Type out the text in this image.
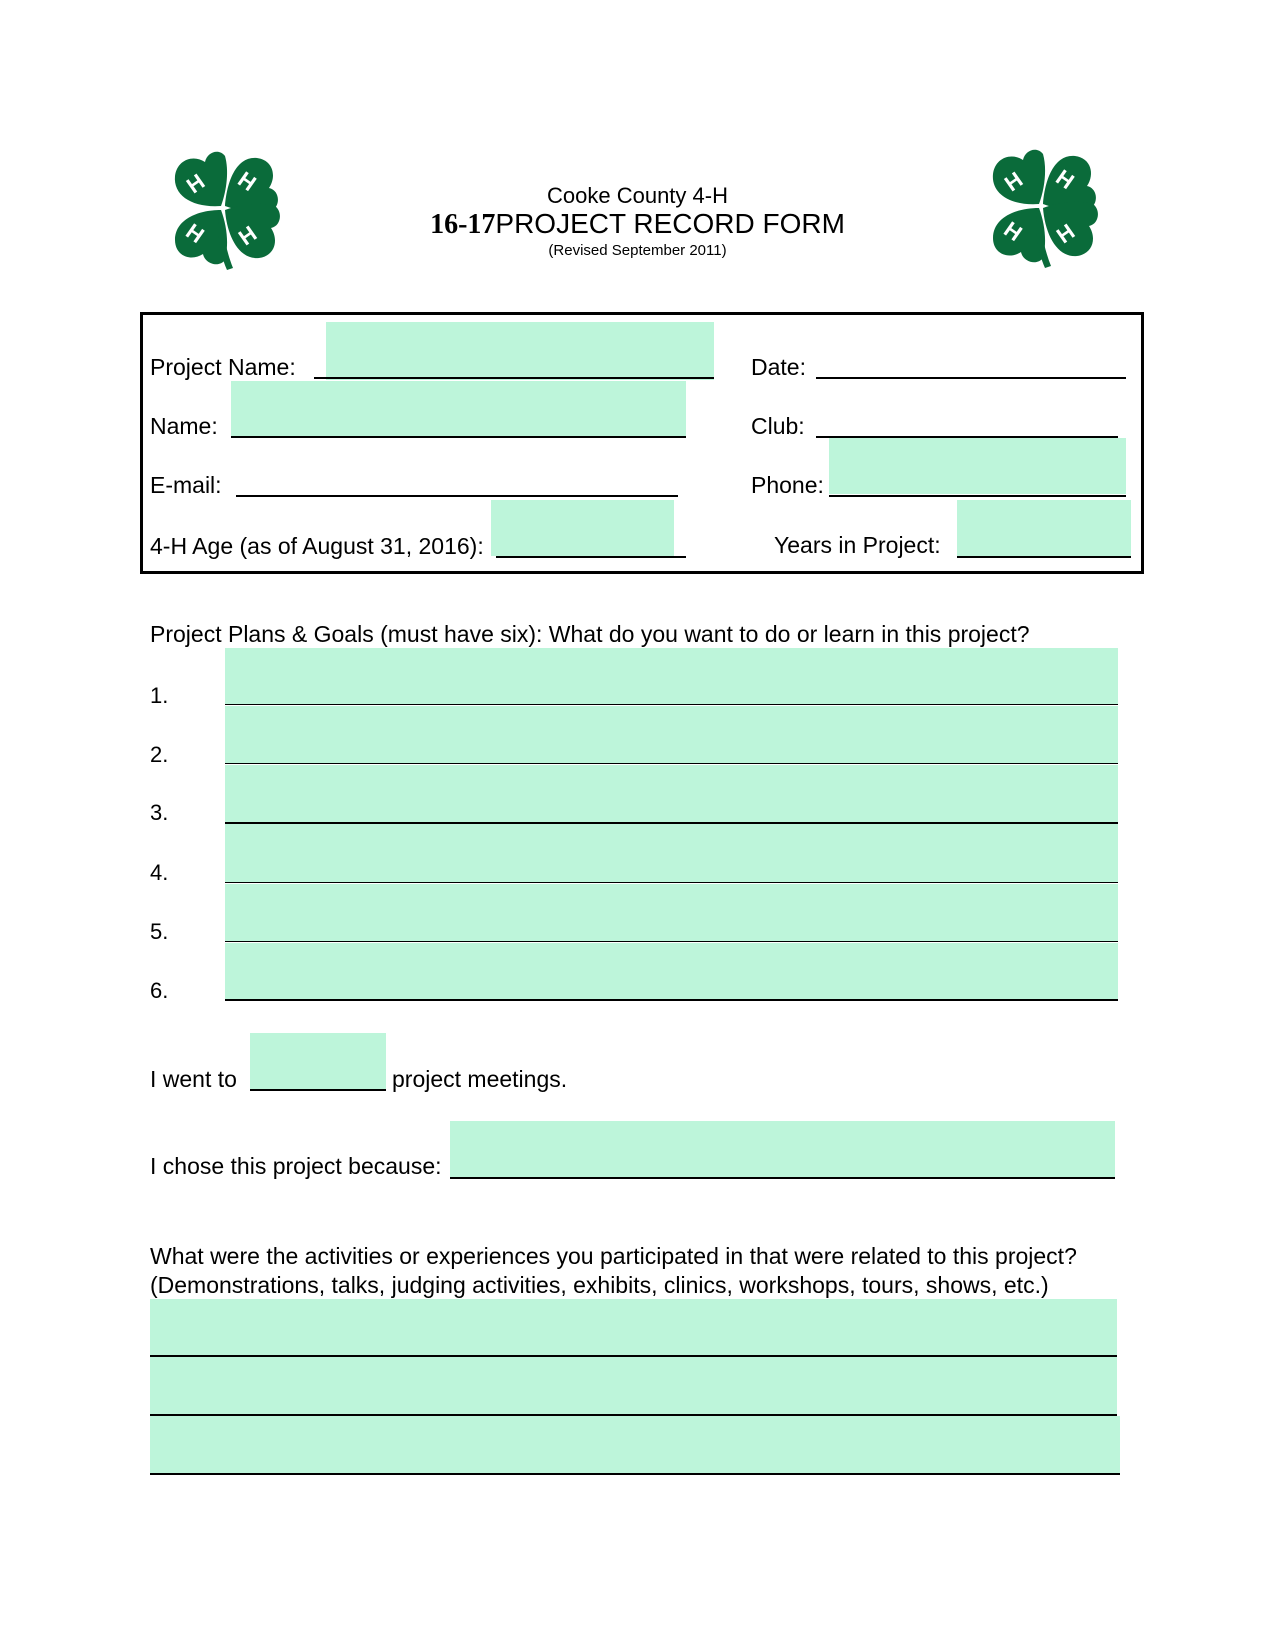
H H
H H
H H
H H
Cooke County 4-H
16-17PROJECT RECORD FORM
(Revised September 2011)
Project Name:	Date:
Name:	Club:
E-mail:	Phone:
4-H Age (as of August 31, 2016):	Years in Project:
Project Plans & Goals (must have six): What do you want to do or learn in this project?
1.
2.
3.
4.
5.
6.
I went to	project meetings.
I chose this project because:
What were the activities or experiences you participated in that were related to this project?
(Demonstrations, talks, judging activities, exhibits, clinics, workshops, tours, shows, etc.)
